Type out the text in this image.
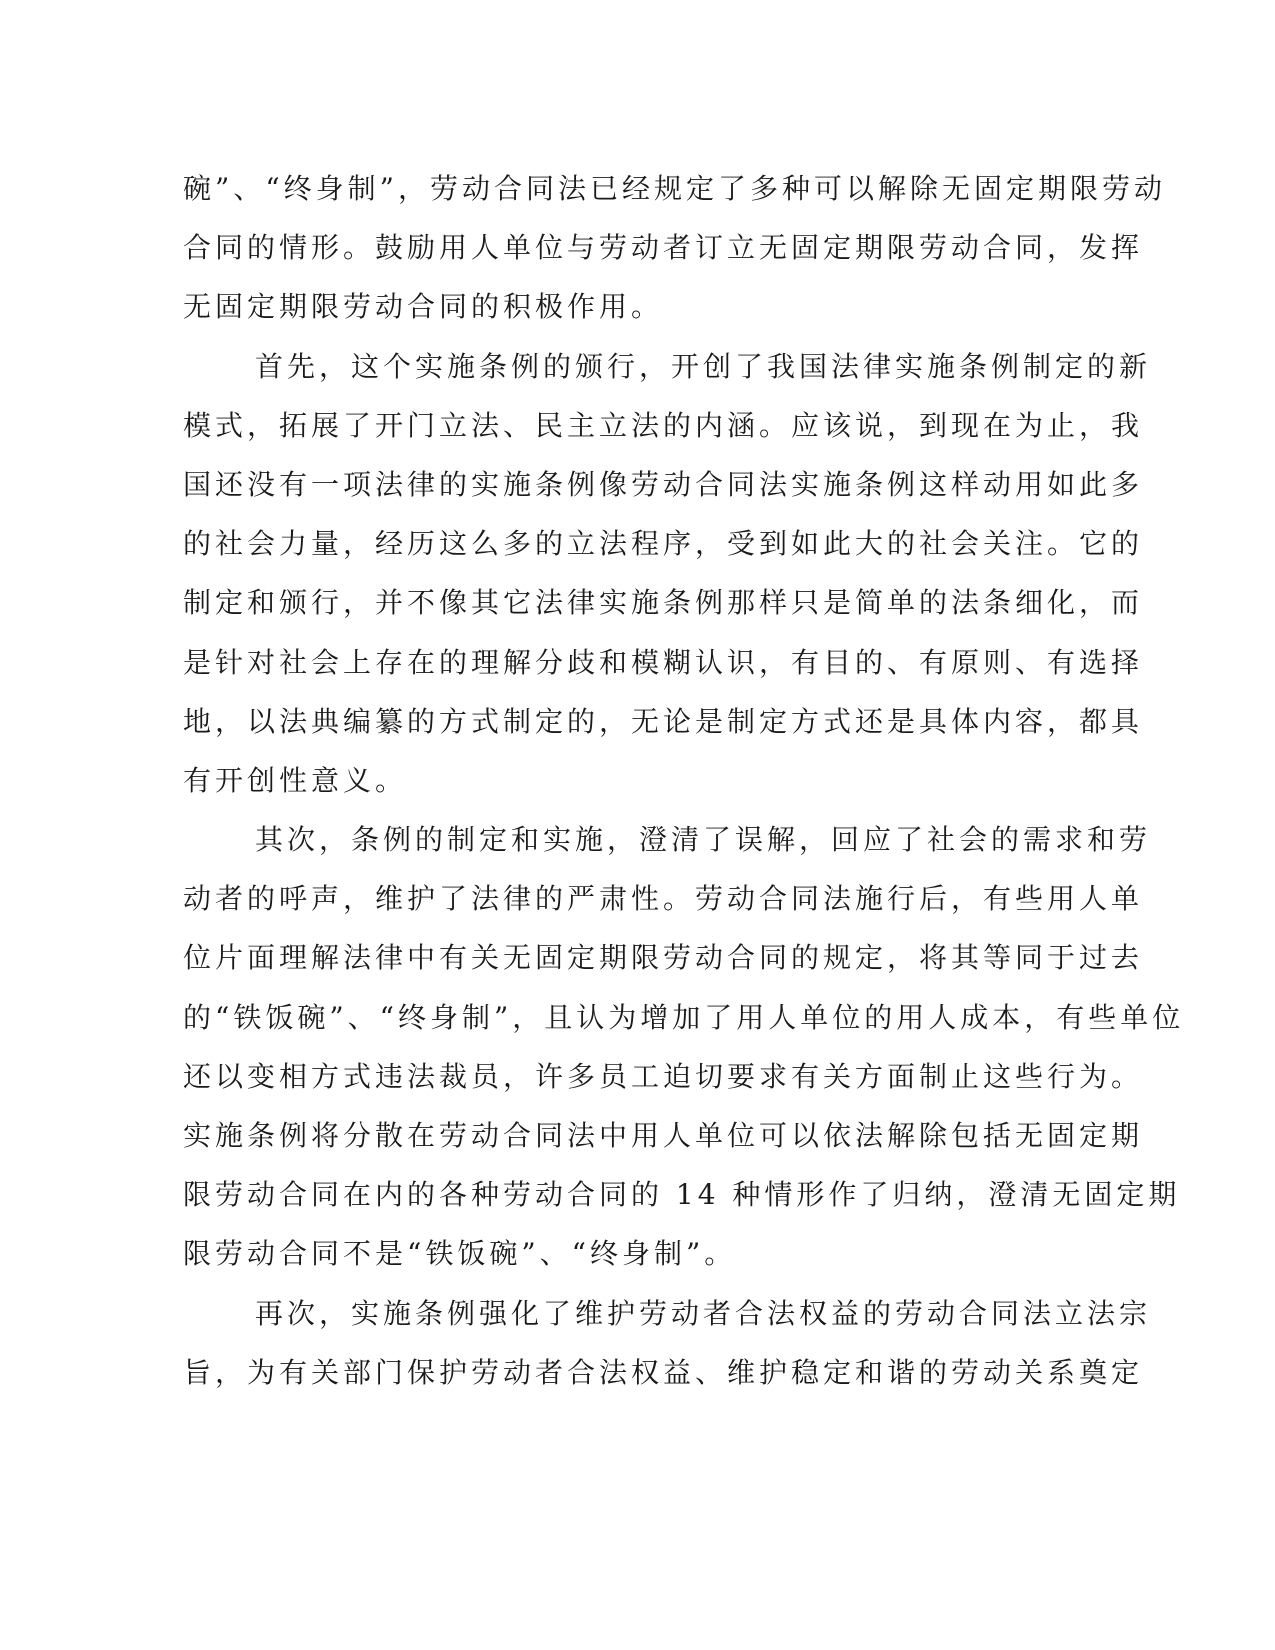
碗”、“终身制”，劳动合同法已经规定了多种可以解除无固定期限劳动
合同的情形。鼓励用人单位与劳动者订立无固定期限劳动合同，发挥
无固定期限劳动合同的积极作用。
首先，这个实施条例的颁行，开创了我国法律实施条例制定的新
模式，拓展了开门立法、民主立法的内涵。应该说，到现在为止，我
国还没有一项法律的实施条例像劳动合同法实施条例这样动用如此多
的社会力量，经历这么多的立法程序，受到如此大的社会关注。它的
制定和颁行，并不像其它法律实施条例那样只是简单的法条细化，而
是针对社会上存在的理解分歧和模糊认识，有目的、有原则、有选择
地，以法典编纂的方式制定的，无论是制定方式还是具体内容，都具
有开创性意义。
其次，条例的制定和实施，澄清了误解，回应了社会的需求和劳
动者的呼声，维护了法律的严肃性。劳动合同法施行后，有些用人单
位片面理解法律中有关无固定期限劳动合同的规定，将其等同于过去
的“铁饭碗”、“终身制”，且认为增加了用人单位的用人成本，有些单位
还以变相方式违法裁员，许多员工迫切要求有关方面制止这些行为。
实施条例将分散在劳动合同法中用人单位可以依法解除包括无固定期
限劳动合同在内的各种劳动合同的 14 种情形作了归纳，澄清无固定期
限劳动合同不是“铁饭碗”、“终身制”。
再次，实施条例强化了维护劳动者合法权益的劳动合同法立法宗
旨，为有关部门保护劳动者合法权益、维护稳定和谐的劳动关系奠定
